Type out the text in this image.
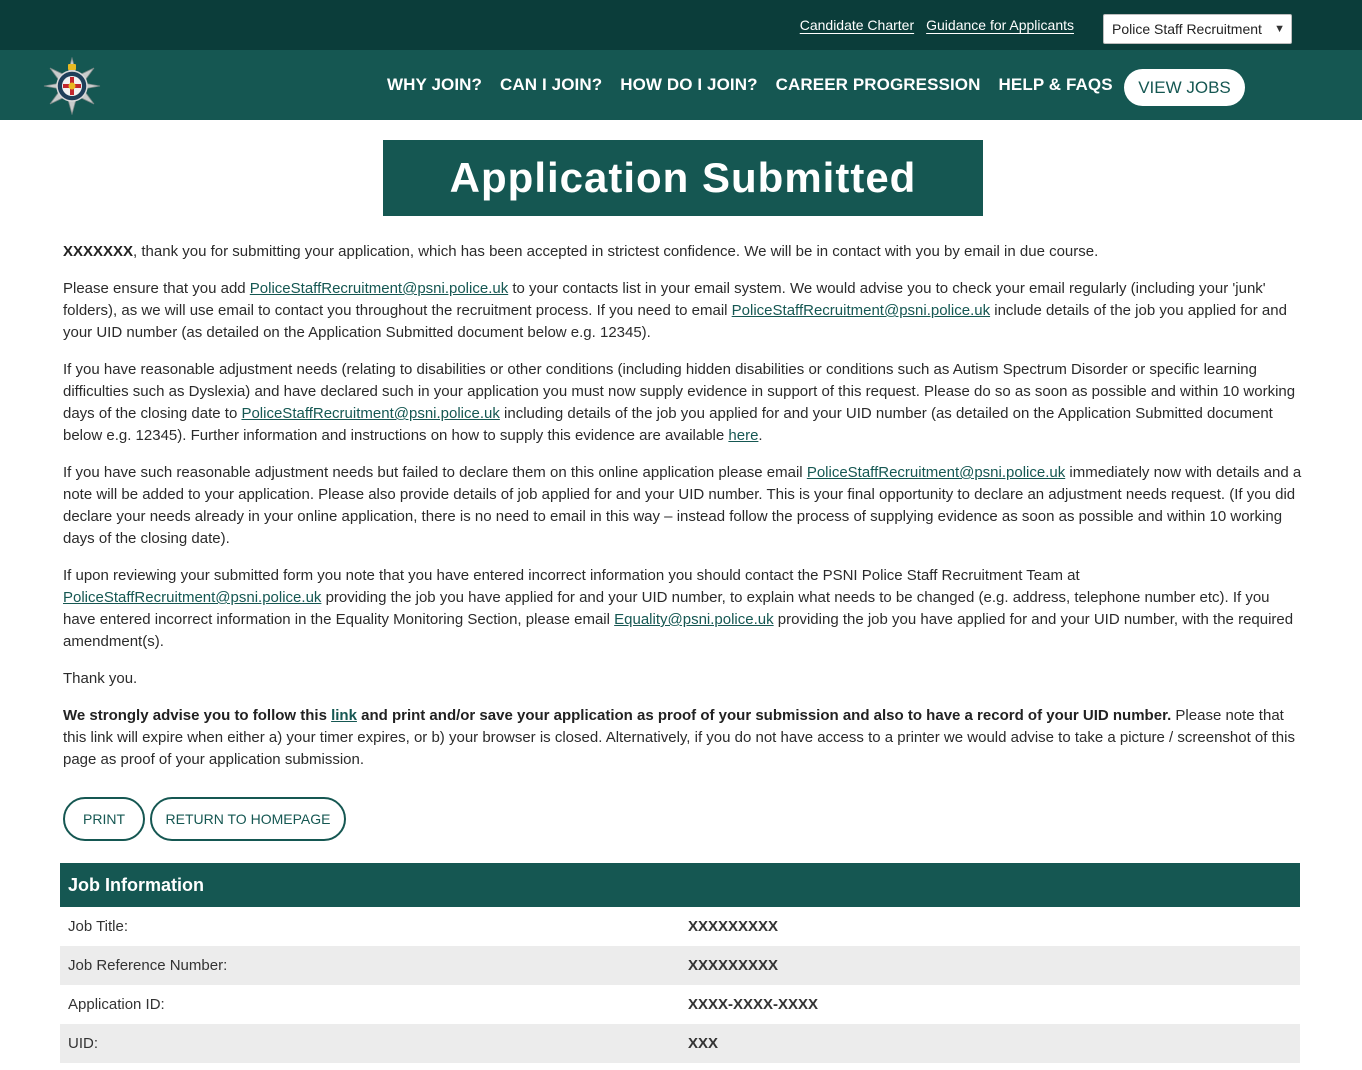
Candidate Charter Guidance for Applicants	Police Staff Recruitment ▼
WHY JOIN? CAN I JOIN? HOW DO I JOIN? CAREER PROGRESSION HELP & FAQS	VIEW JOBS
Application Submitted

XXXXXXX, thank you for submitting your application, which has been accepted in strictest confidence. We will be in contact with you by email in due course.

Please ensure that you add PoliceStaffRecruitment@psni.police.uk to your contacts list in your email system. We would advise you to check your email regularly (including your 'junk' folders), as we will use email to contact you throughout the recruitment process. If you need to email PoliceStaffRecruitment@psni.police.uk include details of the job you applied for and your UID number (as detailed on the Application Submitted document below e.g. 12345).

If you have reasonable adjustment needs (relating to disabilities or other conditions (including hidden disabilities or conditions such as Autism Spectrum Disorder or specific learning difficulties such as Dyslexia) and have declared such in your application you must now supply evidence in support of this request. Please do so as soon as possible and within 10 working days of the closing date to PoliceStaffRecruitment@psni.police.uk including details of the job you applied for and your UID number (as detailed on the Application Submitted document below e.g. 12345). Further information and instructions on how to supply this evidence are available here.

If you have such reasonable adjustment needs but failed to declare them on this online application please email PoliceStaffRecruitment@psni.police.uk immediately now with details and a note will be added to your application. Please also provide details of job applied for and your UID number. This is your final opportunity to declare an adjustment needs request. (If you did declare your needs already in your online application, there is no need to email in this way – instead follow the process of supplying evidence as soon as possible and within 10 working days of the closing date).

If upon reviewing your submitted form you note that you have entered incorrect information you should contact the PSNI Police Staff Recruitment Team at PoliceStaffRecruitment@psni.police.uk providing the job you have applied for and your UID number, to explain what needs to be changed (e.g. address, telephone number etc). If you have entered incorrect information in the Equality Monitoring Section, please email Equality@psni.police.uk providing the job you have applied for and your UID number, with the required amendment(s).

Thank you.

We strongly advise you to follow this link and print and/or save your application as proof of your submission and also to have a record of your UID number. Please note that this link will expire when either a) your timer expires, or b) your browser is closed. Alternatively, if you do not have access to a printer we would advise to take a picture / screenshot of this page as proof of your application submission.

PRINT	RETURN TO HOMEPAGE
Job Information
Job Title:	XXXXXXXXX
Job Reference Number:	XXXXXXXXX
Application ID:	XXXX-XXXX-XXXX
UID:	XXX
